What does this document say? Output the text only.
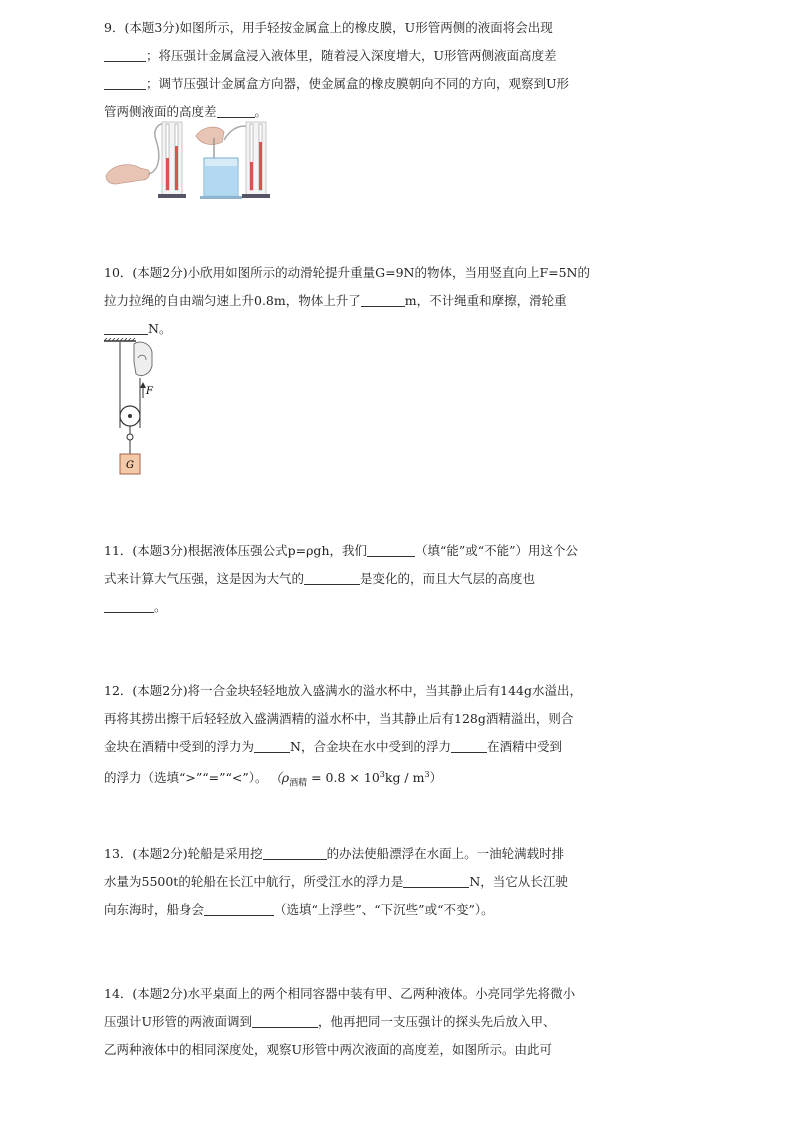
9．(本题3分)如图所示，用手轻按金属盒上的橡皮膜，U形管两侧的液面将会出现

；将压强计金属盒浸入液体里，随着浸入深度增大，U形管两侧液面高度差

；调节压强计金属盒方向器，使金属盒的橡皮膜朝向不同的方向，观察到U形

管两侧液面的高度差	。

10．(本题2分)小欣用如图所示的动滑轮提升重量G=9N的物体，当用竖直向上F=5N的

拉力拉绳的自由端匀速上升0.8m，物体上升了	m，不计绳重和摩擦，滑轮重

N。

F
G

11．(本题3分)根据液体压强公式p=ρgh，我们	（填“能”或“不能”）用这个公

式来计算大气压强，这是因为大气的	是变化的，而且大气层的高度也

。

12．(本题2分)将一合金块轻轻地放入盛满水的溢水杯中，当其静止后有144g水溢出，

再将其捞出擦干后轻轻放入盛满酒精的溢水杯中，当其静止后有128g酒精溢出，则合

金块在酒精中受到的浮力为	N，合金块在水中受到的浮力	在酒精中受到

的浮力（选填“>”“=”“<”）。 $(\rho_{酒精} = 0.8 \times 10^3kg / m^3)$

13．(本题2分)轮船是采用挖	的办法使船漂浮在水面上。一油轮满载时排

水量为5500t的轮船在长江中航行，所受江水的浮力是	N，当它从长江驶

向东海时，船身会	（选填“上浮些”、“下沉些”或“不变”）。

14．(本题2分)水平桌面上的两个相同容器中装有甲、乙两种液体。小亮同学先将微小

压强计U形管的两液面调到	，他再把同一支压强计的探头先后放入甲、

乙两种液体中的相同深度处，观察U形管中两次液面的高度差，如图所示。由此可
